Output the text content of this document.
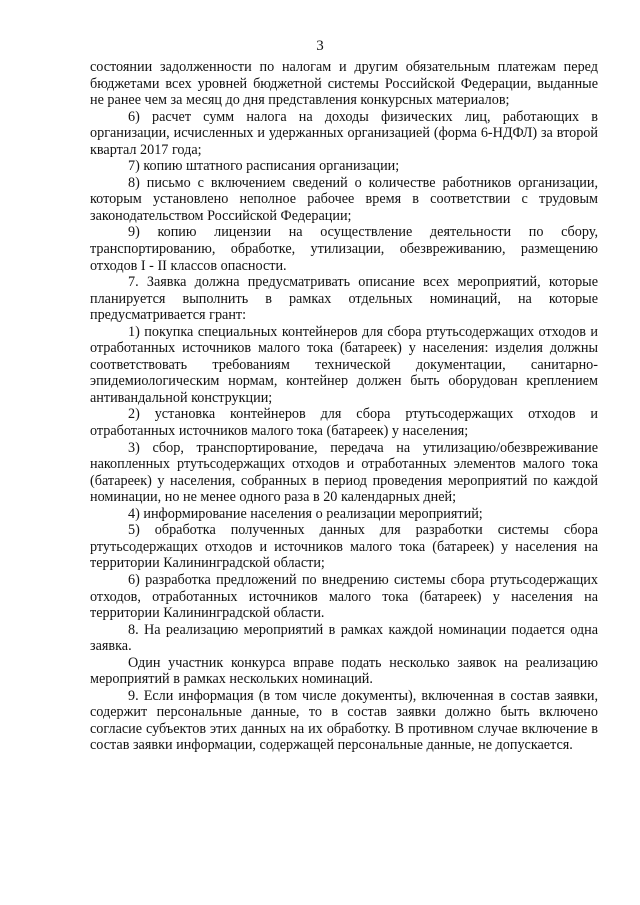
3

состоянии задолженности по налогам и другим обязательным платежам перед бюджетами всех уровней бюджетной системы Российской Федерации, выданные не ранее чем за месяц до дня представления конкурсных материалов;

6) расчет сумм налога на доходы физических лиц, работающих в организации, исчисленных и удержанных организацией (форма 6-НДФЛ) за второй квартал 2017 года;

7) копию штатного расписания организации;

8) письмо с включением сведений о количестве работников организации, которым установлено неполное рабочее время в соответствии с трудовым законодательством Российской Федерации;

9) копию лицензии на осуществление деятельности по сбору, транспортированию, обработке, утилизации, обезвреживанию, размещению отходов I - II классов опасности.

7. Заявка должна предусматривать описание всех мероприятий, которые планируется выполнить в рамках отдельных номинаций, на которые предусматривается грант:

1) покупка специальных контейнеров для сбора ртутьсодержащих отходов и отработанных источников малого тока (батареек) у населения: изделия должны соответствовать требованиям технической документации, санитарно-эпидемиологическим нормам, контейнер должен быть оборудован креплением антивандальной конструкции;

2) установка контейнеров для сбора ртутьсодержащих отходов и отработанных источников малого тока (батареек) у населения;

3) сбор, транспортирование, передача на утилизацию/обезвреживание накопленных ртутьсодержащих отходов и отработанных элементов малого тока (батареек) у населения, собранных в период проведения мероприятий по каждой номинации, но не менее одного раза в 20 календарных дней;

4) информирование населения о реализации мероприятий;

5) обработка полученных данных для разработки системы сбора ртутьсодержащих отходов и источников малого тока (батареек) у населения на территории Калининградской области;

6) разработка предложений по внедрению системы сбора ртутьсодержащих отходов, отработанных источников малого тока (батареек) у населения на территории Калининградской области.

8. На реализацию мероприятий в рамках каждой номинации подается одна заявка.

Один участник конкурса вправе подать несколько заявок на реализацию мероприятий в рамках нескольких номинаций.

9. Если информация (в том числе документы), включенная в состав заявки, содержит персональные данные, то в состав заявки должно быть включено согласие субъектов этих данных на их обработку. В противном случае включение в состав заявки информации, содержащей персональные данные, не допускается.
